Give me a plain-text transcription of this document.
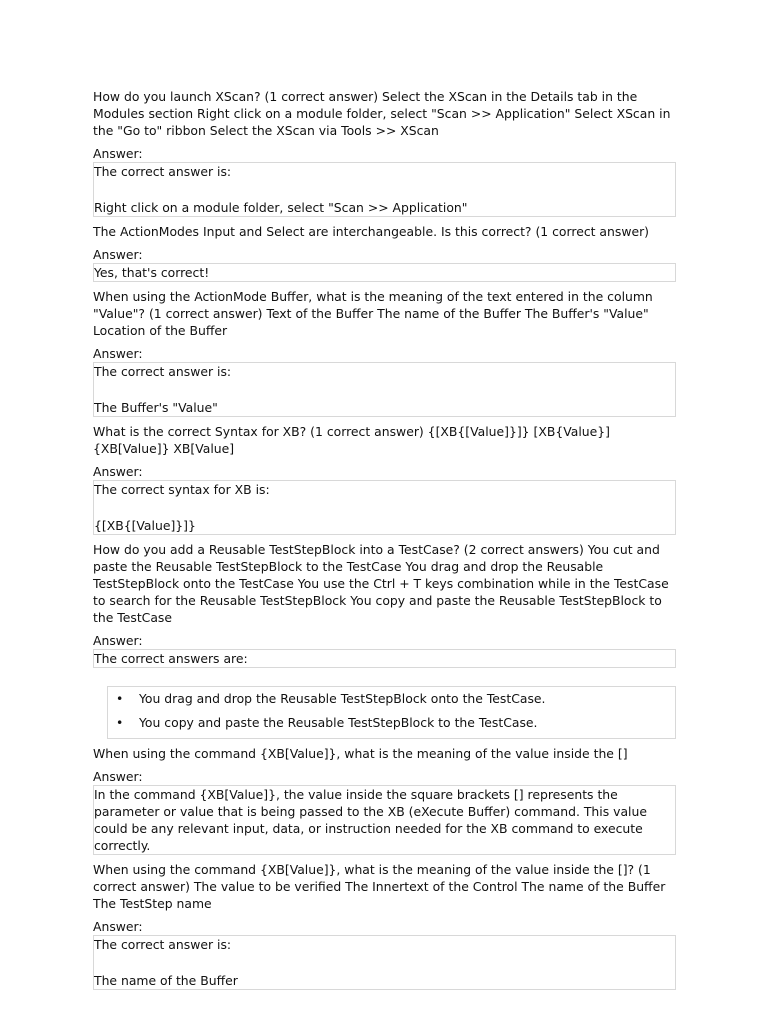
How do you launch XScan? (1 correct answer) Select the XScan in the Details tab in the Modules section Right click on a module folder, select "Scan >> Application" Select XScan in the "Go to" ribbon Select the XScan via Tools >> XScan

Answer:
The correct answer is:
Right click on a module folder, select "Scan >> Application"

The ActionModes Input and Select are interchangeable. Is this correct? (1 correct answer)

Answer:
Yes, that's correct!

When using the ActionMode Buffer, what is the meaning of the text entered in the column "Value"? (1 correct answer) Text of the Buffer The name of the Buffer The Buffer's "Value" Location of the Buffer

Answer:
The correct answer is:
The Buffer's "Value"

What is the correct Syntax for XB? (1 correct answer) {[XB{[Value]}]} [XB{Value}] {XB[Value]} XB[Value]

Answer:
The correct syntax for XB is:
{[XB{[Value]}]}

How do you add a Reusable TestStepBlock into a TestCase? (2 correct answers) You cut and paste the Reusable TestStepBlock to the TestCase You drag and drop the Reusable TestStepBlock onto the TestCase You use the Ctrl + T keys combination while in the TestCase to search for the Reusable TestStepBlock You copy and paste the Reusable TestStepBlock to the TestCase

Answer:
The correct answers are:
• You drag and drop the Reusable TestStepBlock onto the TestCase.
• You copy and paste the Reusable TestStepBlock to the TestCase.

When using the command {XB[Value]}, what is the meaning of the value inside the []

Answer:
In the command {XB[Value]}, the value inside the square brackets [] represents the parameter or value that is being passed to the XB (eXecute Buffer) command. This value could be any relevant input, data, or instruction needed for the XB command to execute correctly.

When using the command {XB[Value]}, what is the meaning of the value inside the []? (1 correct answer) The value to be verified The Innertext of the Control The name of the Buffer The TestStep name

Answer:
The correct answer is:
The name of the Buffer
